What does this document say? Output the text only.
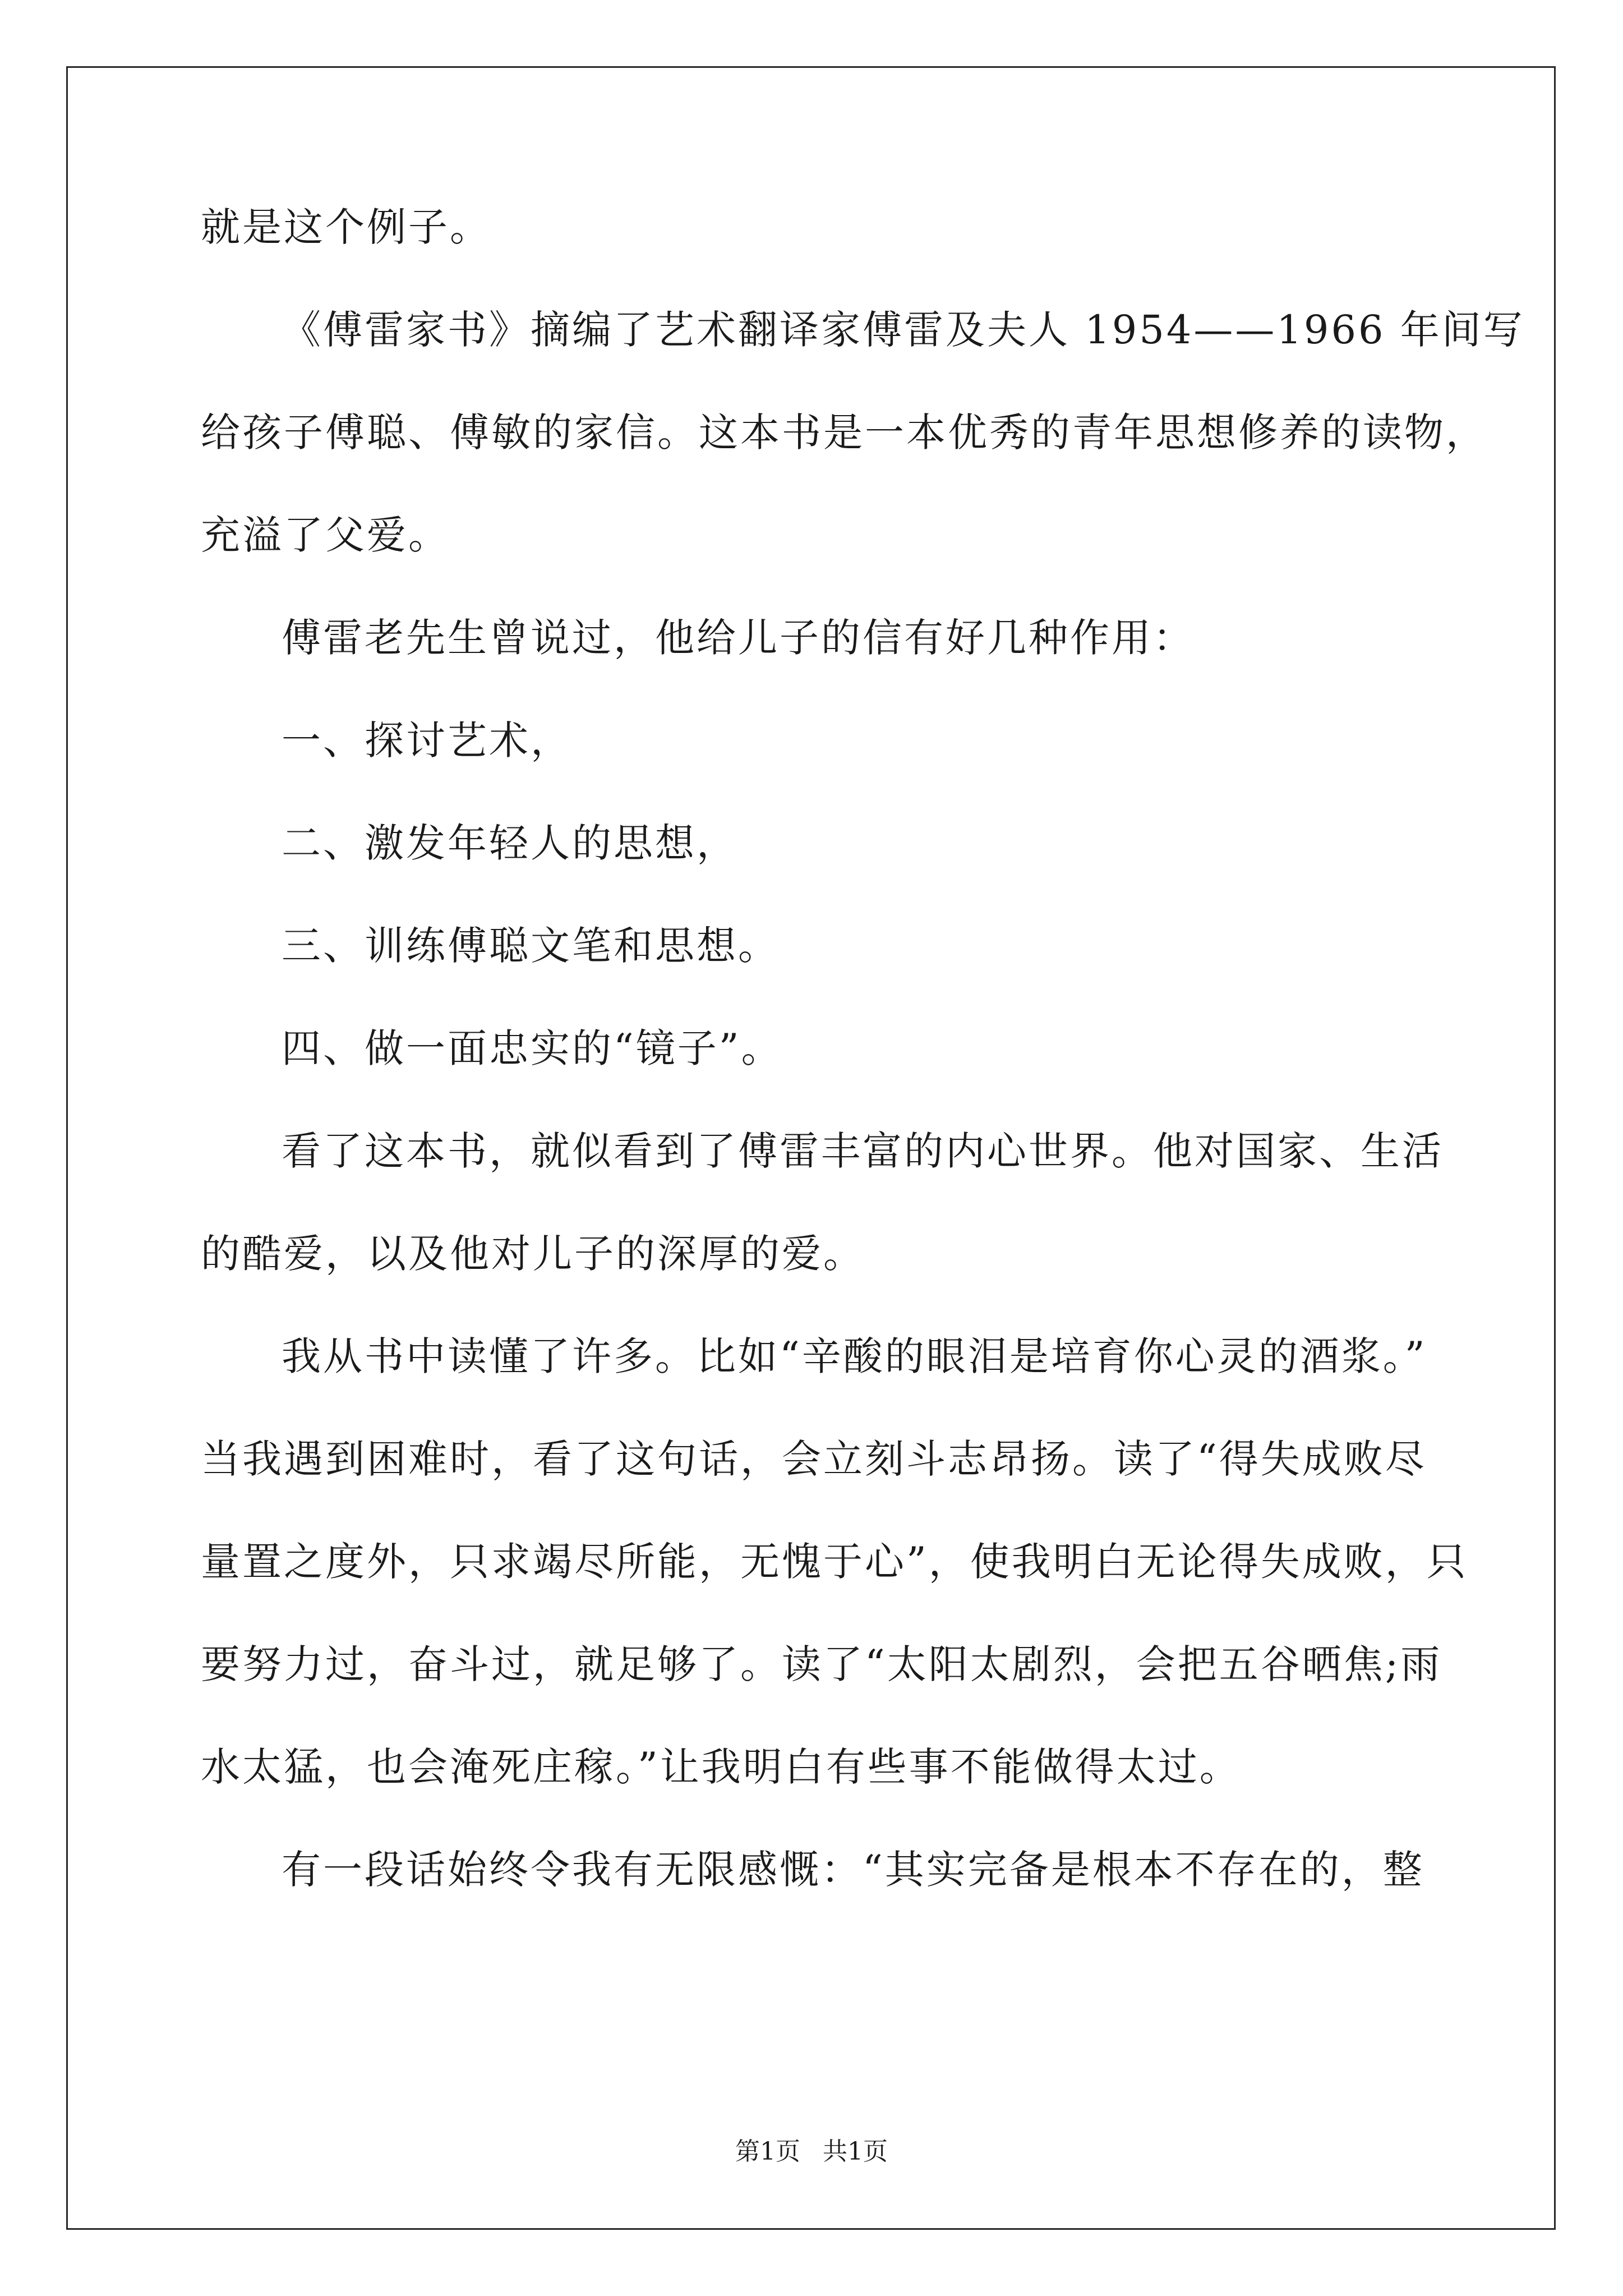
就是这个例子。
《傅雷家书》摘编了艺术翻译家傅雷及夫人 1954——1966 年间写
给孩子傅聪、傅敏的家信。这本书是一本优秀的青年思想修养的读物，
充溢了父爱。
傅雷老先生曾说过，他给儿子的信有好几种作用：
一、探讨艺术，
二、激发年轻人的思想，
三、训练傅聪文笔和思想。
四、做一面忠实的“镜子”。
看了这本书，就似看到了傅雷丰富的内心世界。他对国家、生活
的酷爱，以及他对儿子的深厚的爱。
我从书中读懂了许多。比如“辛酸的眼泪是培育你心灵的酒浆。”
当我遇到困难时，看了这句话，会立刻斗志昂扬。读了“得失成败尽
量置之度外，只求竭尽所能，无愧于心”，使我明白无论得失成败，只
要努力过，奋斗过，就足够了。读了“太阳太剧烈，会把五谷晒焦;雨
水太猛，也会淹死庄稼。”让我明白有些事不能做得太过。
有一段话始终令我有无限感慨：“其实完备是根本不存在的，整
第1页 共1页
